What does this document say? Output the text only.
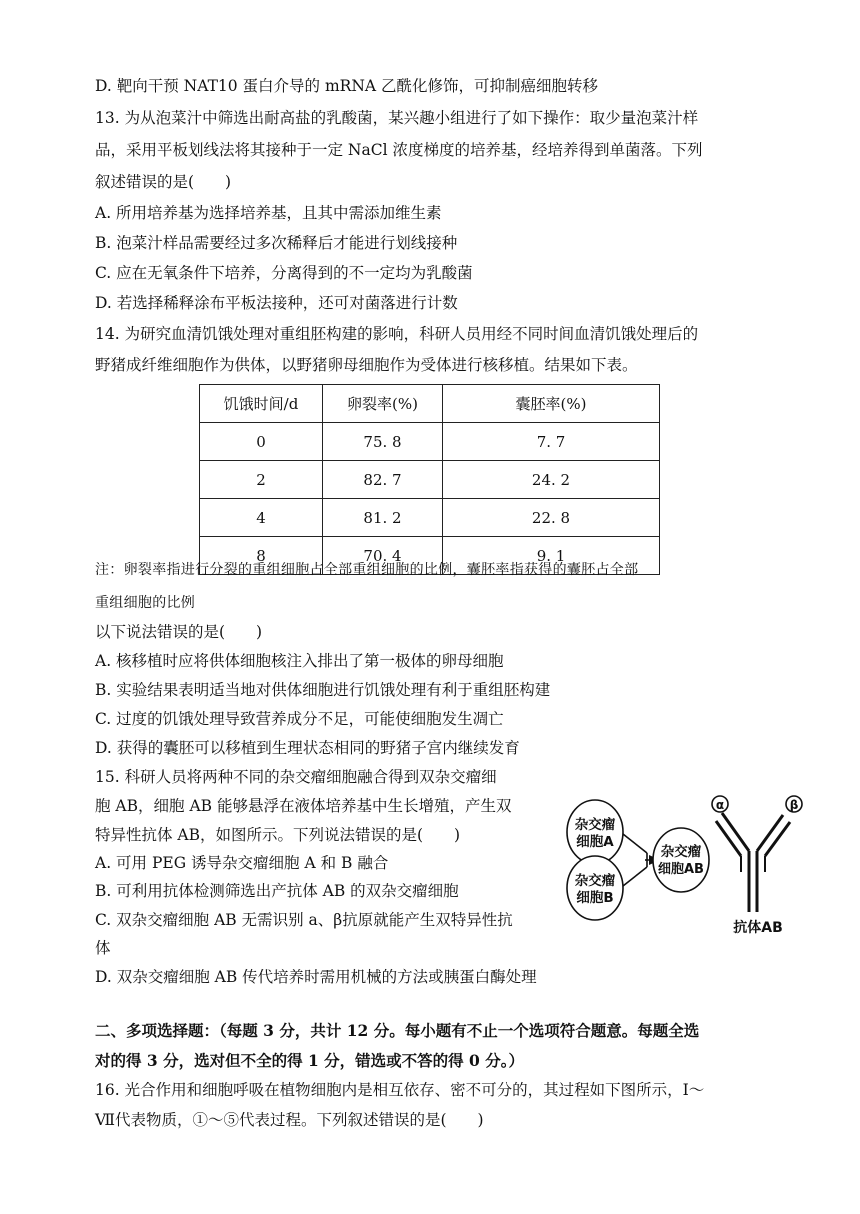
D. 靶向干预 NAT10 蛋白介导的 mRNA 乙酰化修饰，可抑制癌细胞转移
13. 为从泡菜汁中筛选出耐高盐的乳酸菌，某兴趣小组进行了如下操作：取少量泡菜汁样
品，采用平板划线法将其接种于一定 NaCl 浓度梯度的培养基，经培养得到单菌落。下列
叙述错误的是(　　)
A. 所用培养基为选择培养基，且其中需添加维生素
B. 泡菜汁样品需要经过多次稀释后才能进行划线接种
C. 应在无氧条件下培养，分离得到的不一定均为乳酸菌
D. 若选择稀释涂布平板法接种，还可对菌落进行计数
14. 为研究血清饥饿处理对重组胚构建的影响，科研人员用经不同时间血清饥饿处理后的
野猪成纤维细胞作为供体，以野猪卵母细胞作为受体进行核移植。结果如下表。
饥饿时间/d	卵裂率(%)	囊胚率(%)
0	75. 8	7. 7
2	82. 7	24. 2
4	81. 2	22. 8
8	70. 4	9. 1
注：卵裂率指进行分裂的重组细胞占全部重组细胞的比例，囊胚率指获得的囊胚占全部
重组细胞的比例
以下说法错误的是(　　)
A. 核移植时应将供体细胞核注入排出了第一极体的卵母细胞
B. 实验结果表明适当地对供体细胞进行饥饿处理有利于重组胚构建
C. 过度的饥饿处理导致营养成分不足，可能使细胞发生凋亡
D. 获得的囊胚可以移植到生理状态相同的野猪子宫内继续发育
15. 科研人员将两种不同的杂交瘤细胞融合得到双杂交瘤细
胞 AB，细胞 AB 能够悬浮在液体培养基中生长增殖，产生双
特异性抗体 AB，如图所示。下列说法错误的是(　　)
A. 可用 PEG 诱导杂交瘤细胞 A 和 B 融合
B. 可利用抗体检测筛选出产抗体 AB 的双杂交瘤细胞
C. 双杂交瘤细胞 AB 无需识别 a、β抗原就能产生双特异性抗
体
D. 双杂交瘤细胞 AB 传代培养时需用机械的方法或胰蛋白酶处理
杂交瘤
细胞A
杂交瘤
细胞B
杂交瘤
细胞AB
α	β
抗体AB
二、多项选择题：（每题 3 分，共计 12 分。每小题有不止一个选项符合题意。每题全选
对的得 3 分，选对但不全的得 1 分，错选或不答的得 0 分。）
16. 光合作用和细胞呼吸在植物细胞内是相互依存、密不可分的，其过程如下图所示，Ⅰ～
Ⅶ代表物质，①～⑤代表过程。下列叙述错误的是(　　)
